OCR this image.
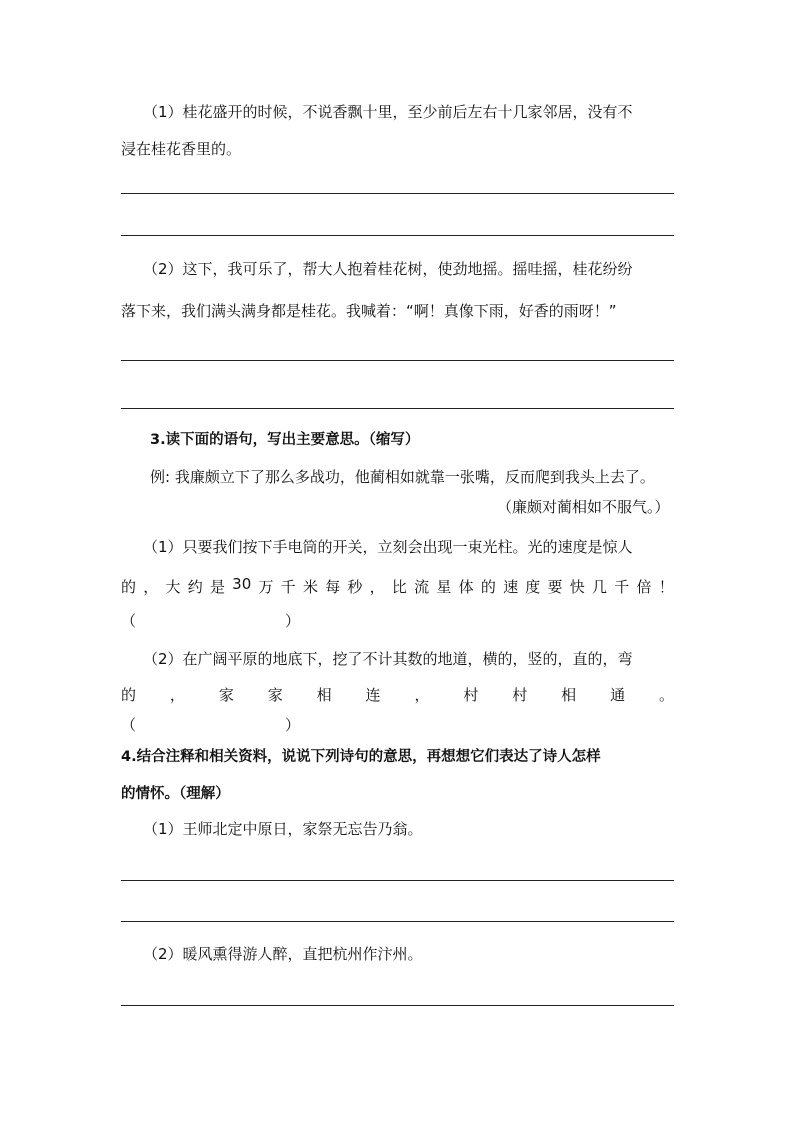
（1）桂花盛开的时候，不说香飘十里，至少前后左右十几家邻居，没有不
浸在桂花香里的。
（2）这下，我可乐了，帮大人抱着桂花树，使劲地摇。摇哇摇，桂花纷纷
落下来，我们满头满身都是桂花。我喊着：“啊！真像下雨，好香的雨呀！”
3.读下面的语句，写出主要意思。（缩写）
例: 我廉颇立下了那么多战功，他蔺相如就靠一张嘴，反而爬到我头上去了。
（廉颇对蔺相如不服气。）
（1）只要我们按下手电筒的开关，立刻会出现一束光柱。光的速度是惊人
的 ， 大 约 是 30 万 千 米 每 秒 ， 比 流 星 体 的 速 度 要 快 几 千 倍 ！
（	）
（2）在广阔平原的地底下，挖了不计其数的地道，横的，竖的，直的，弯
的 ， 家 家 相 连 ， 村 村 相 通 。
（	）
4.结合注释和相关资料，说说下列诗句的意思，再想想它们表达了诗人怎样
的情怀。（理解）
（1）王师北定中原日，家祭无忘告乃翁。
（2）暖风熏得游人醉，直把杭州作汴州。
